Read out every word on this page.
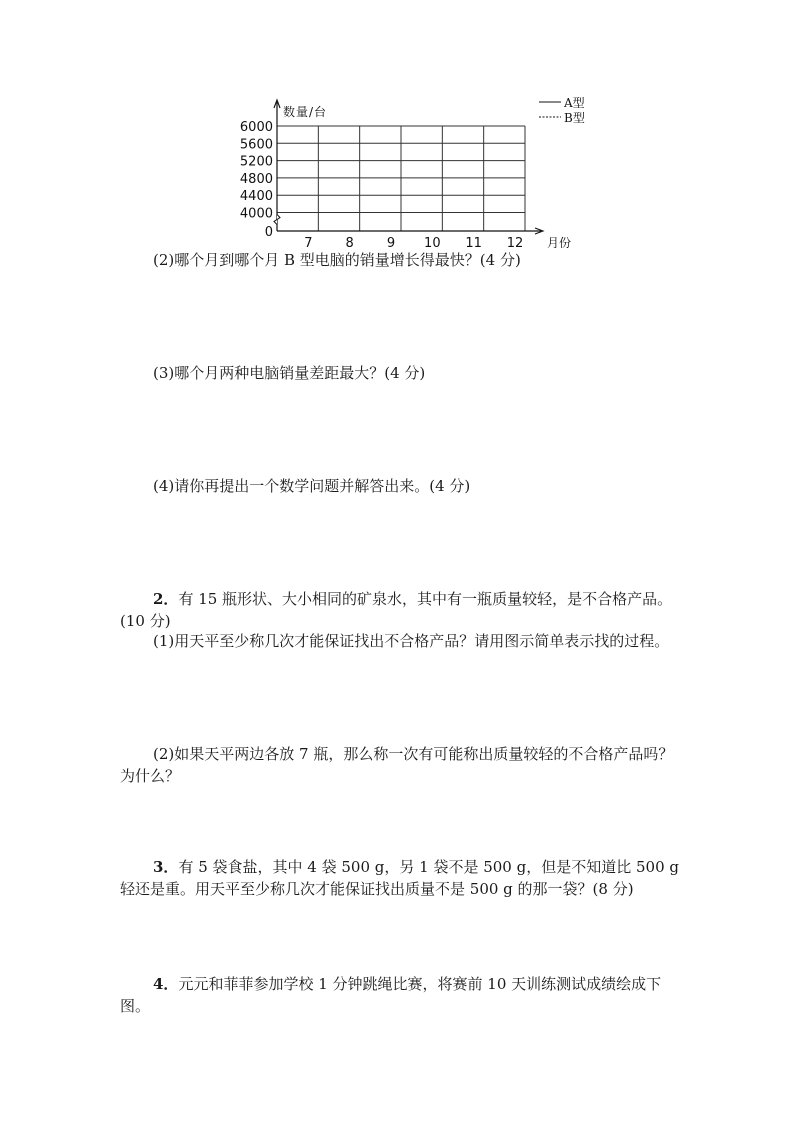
6000
5600
5200
4800
4400
4000
0
7	8	9 10 11 12
数量/台
月份
A型
B型
(2)哪个月到哪个月 B 型电脑的销量增长得最快？(4 分)
(3)哪个月两种电脑销量差距最大？(4 分)
(4)请你再提出一个数学问题并解答出来。(4 分)
2．有 15 瓶形状、大小相同的矿泉水，其中有一瓶质量较轻，是不合格产品。(10 分)
(1)用天平至少称几次才能保证找出不合格产品？请用图示简单表示找的过程。
(2)如果天平两边各放 7 瓶，那么称一次有可能称出质量较轻的不合格产品吗？为什么？
3．有 5 袋食盐，其中 4 袋 500 g，另 1 袋不是 500 g，但是不知道比 500 g 轻还是重。用天平至少称几次才能保证找出质量不是 500 g 的那一袋？(8 分)
4．元元和菲菲参加学校 1 分钟跳绳比赛，将赛前 10 天训练测试成绩绘成下图。
